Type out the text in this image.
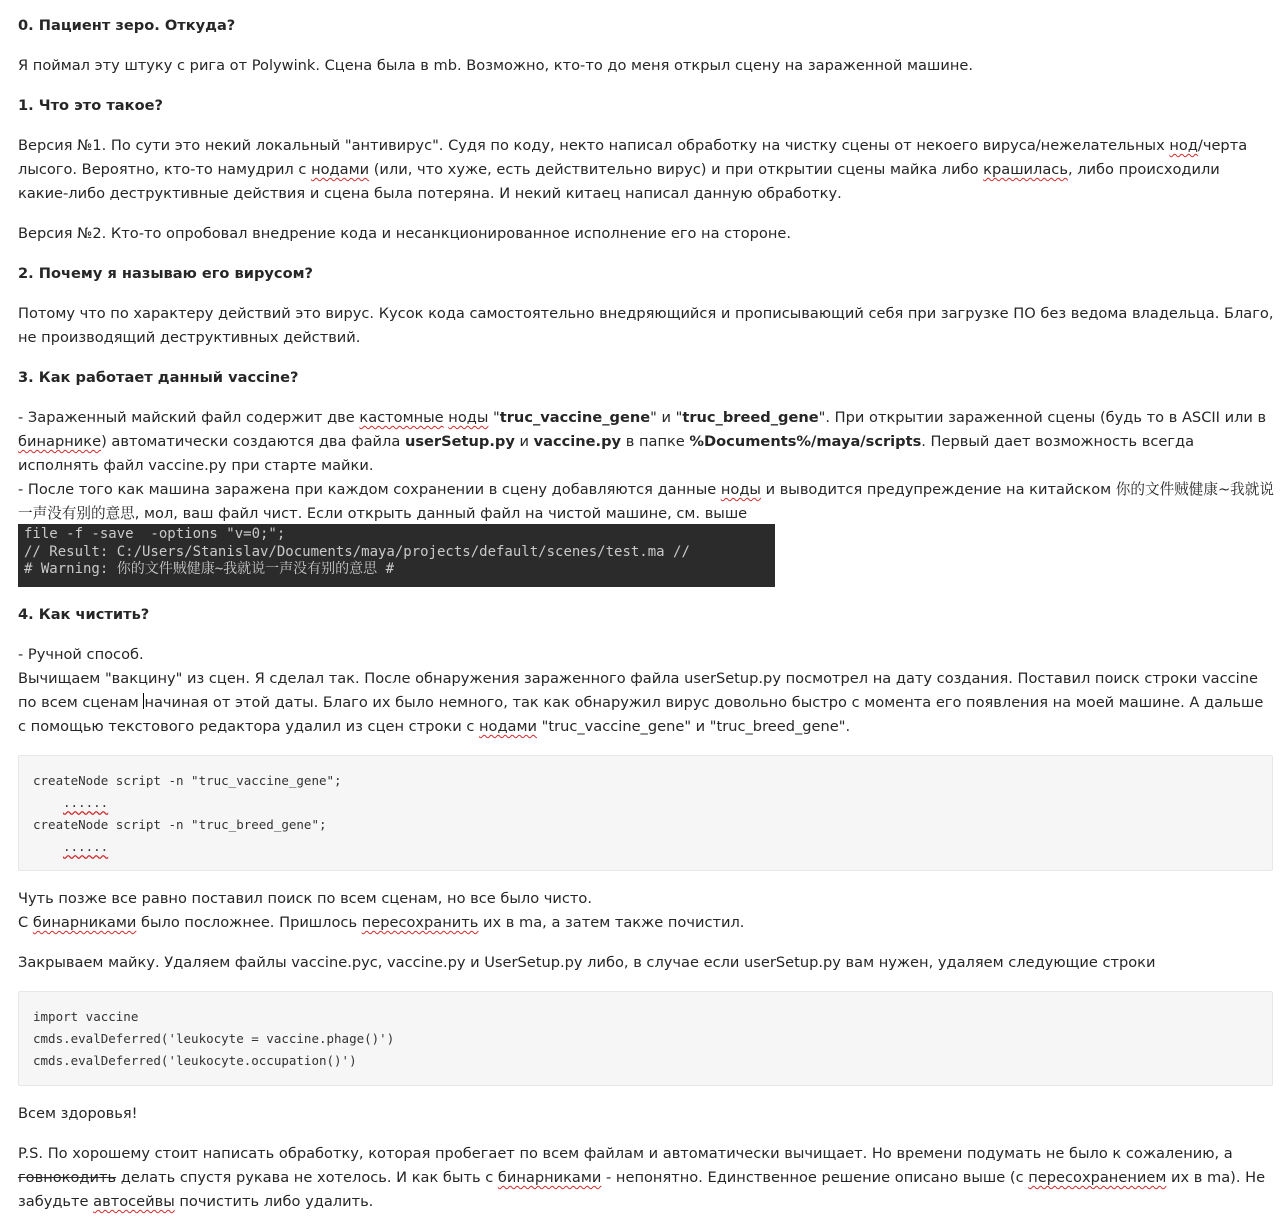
0. Пациент зеро. Откуда?

Я поймал эту штуку с рига от Polywink. Сцена была в mb. Возможно, кто-то до меня открыл сцену на зараженной машине.

1. Что это такое?

Версия №1. По сути это некий локальный "антивирус". Судя по коду, некто написал обработку на чистку сцены от некоего вируса/нежелательных нод/черта лысого. Вероятно, кто-то намудрил с нодами (или, что хуже, есть действительно вирус) и при открытии сцены майка либо крашилась, либо происходили какие-либо деструктивные действия и сцена была потеряна. И некий китаец написал данную обработку.

Версия №2. Кто-то опробовал внедрение кода и несанкционированное исполнение его на стороне.

2. Почему я называю его вирусом?

Потому что по характеру действий это вирус. Кусок кода самостоятельно внедряющийся и прописывающий себя при загрузке ПО без ведома владельца. Благо, не производящий деструктивных действий.

3. Как работает данный vaccine?

- Зараженный майский файл содержит две кастомные ноды "truc_vaccine_gene" и "truc_breed_gene". При открытии зараженной сцены (будь то в ASCII или в бинарнике) автоматически создаются два файла userSetup.py и vaccine.py в папке %Documents%/maya/scripts. Первый дает возможность всегда исполнять файл vaccine.py при старте майки.

- После того как машина заражена при каждом сохранении в сцену добавляются данные ноды и выводится предупреждение на китайском 你的文件贼健康~我就说一声没有别的意思, мол, ваш файл чист. Если открыть данный файл на чистой машине, см. выше

file -f -save  -options "v=0;";
// Result: C:/Users/Stanislav/Documents/maya/projects/default/scenes/test.ma //
# Warning: 你的文件贼健康~我就说一声没有别的意思 #

4. Как чистить?

- Ручной способ.

Вычищаем "вакцину" из сцен. Я сделал так. После обнаружения зараженного файла userSetup.py посмотрел на дату создания. Поставил поиск строки vaccine по всем сценам начиная от этой даты. Благо их было немного, так как обнаружил вирус довольно быстро с момента его появления на моей машине. А дальше с помощью текстового редактора удалил из сцен строки с нодами "truc_vaccine_gene" и "truc_breed_gene".

createNode script -n "truc_vaccine_gene";
......
createNode script -n "truc_breed_gene";
......

Чуть позже все равно поставил поиск по всем сценам, но все было чисто.

С бинарниками было посложнее. Пришлось пересохранить их в ma, а затем также почистил.

Закрываем майку. Удаляем файлы vaccine.pyc, vaccine.py и UserSetup.py либо, в случае если userSetup.py вам нужен, удаляем следующие строки

import vaccine
cmds.evalDeferred('leukocyte = vaccine.phage()')
cmds.evalDeferred('leukocyte.occupation()')

Всем здоровья!

P.S. По хорошему стоит написать обработку, которая пробегает по всем файлам и автоматически вычищает. Но времени подумать не было к сожалению, а говнокодить делать спустя рукава не хотелось. И как быть с бинарниками - непонятно. Единственное решение описано выше (с пересохранением их в ma). Не забудьте автосейвы почистить либо удалить.
